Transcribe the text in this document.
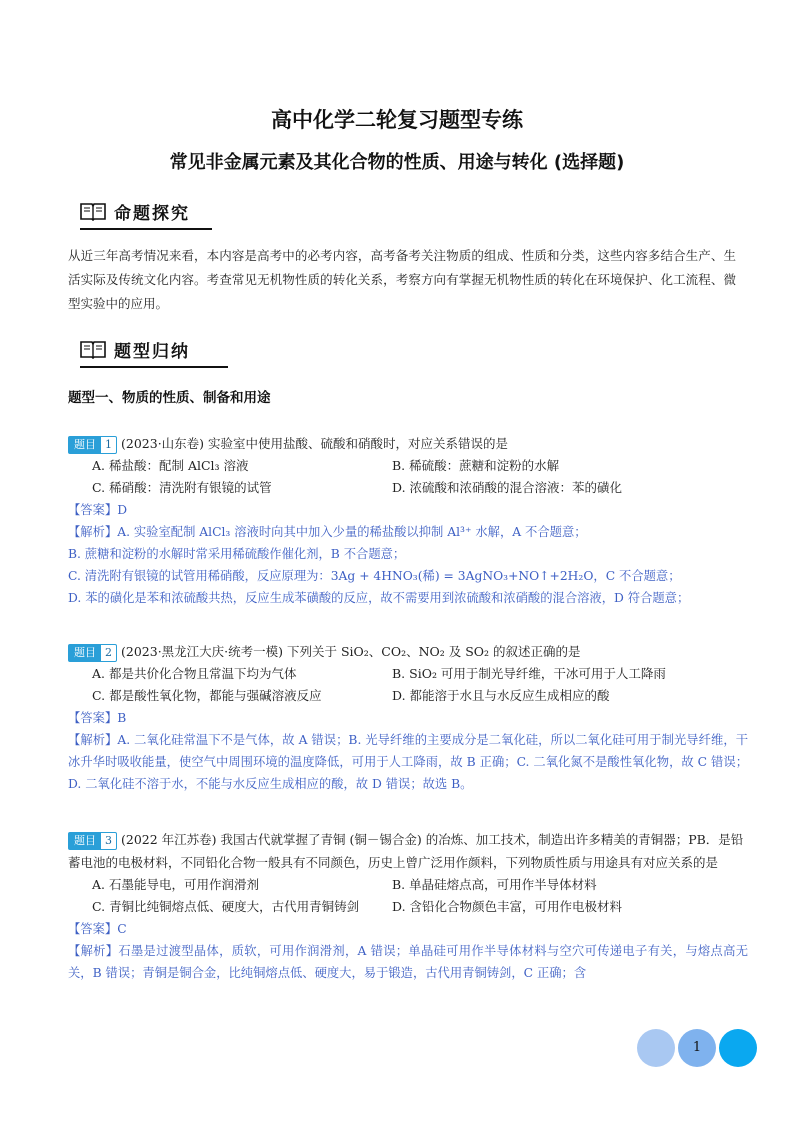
高中化学二轮复习题型专练
常见非金属元素及其化合物的性质、用途与转化 (选择题)
命题探究
从近三年高考情况来看，本内容是高考中的必考内容，高考备考关注物质的组成、性质和分类，这些内容多结合生产、生活实际及传统文化内容。考查常见无机物性质的转化关系，考察方向有掌握无机物性质的转化在环境保护、化工流程、微型实验中的应用。
题型归纳
题型一、物质的性质、制备和用途
题目 1 (2023·山东卷) 实验室中使用盐酸、硫酸和硝酸时，对应关系错误的是
A. 稀盐酸：配制 AlCl₃ 溶液	B. 稀硫酸：蔗糖和淀粉的水解
C. 稀硝酸：清洗附有银镜的试管	D. 浓硫酸和浓硝酸的混合溶液：苯的磺化
【答案】D

【解析】A. 实验室配制 AlCl₃ 溶液时向其中加入少量的稀盐酸以抑制 Al³⁺ 水解，A 不合题意；

B. 蔗糖和淀粉的水解时常采用稀硫酸作催化剂，B 不合题意；

C. 清洗附有银镜的试管用稀硝酸，反应原理为：3Ag + 4HNO₃(稀) = 3AgNO₃+NO↑+2H₂O，C 不合题意；

D. 苯的磺化是苯和浓硫酸共热，反应生成苯磺酸的反应，故不需要用到浓硫酸和浓硝酸的混合溶液，D 符合题意；

题目 2 (2023·黑龙江大庆·统考一模) 下列关于 SiO₂、CO₂、NO₂ 及 SO₂ 的叙述正确的是
A. 都是共价化合物且常温下均为气体	B. SiO₂ 可用于制光导纤维，干冰可用于人工降雨
C. 都是酸性氧化物，都能与强碱溶液反应	D. 都能溶于水且与水反应生成相应的酸
【答案】B

【解析】A. 二氧化硅常温下不是气体，故 A 错误；B. 光导纤维的主要成分是二氧化硅，所以二氧化硅可用于制光导纤维，干冰升华时吸收能量，使空气中周围环境的温度降低，可用于人工降雨，故 B 正确；C. 二氧化氮不是酸性氧化物，故 C 错误；D. 二氧化硅不溶于水，不能与水反应生成相应的酸，故 D 错误；故选 B。

题目 3 (2022 年江苏卷) 我国古代就掌握了青铜 (铜－锡合金) 的冶炼、加工技术，制造出许多精美的青铜器；PB．是铅蓄电池的电极材料，不同铅化合物一般具有不同颜色，历史上曾广泛用作颜料，下列物质性质与用途具有对应关系的是
A. 石墨能导电，可用作润滑剂	B. 单晶硅熔点高，可用作半导体材料
C. 青铜比纯铜熔点低、硬度大，古代用青铜铸剑	D. 含铅化合物颜色丰富，可用作电极材料
【答案】C

【解析】石墨是过渡型晶体，质软，可用作润滑剂，A 错误；单晶硅可用作半导体材料与空穴可传递电子有关，与熔点高无关，B 错误；青铜是铜合金，比纯铜熔点低、硬度大，易于锻造，古代用青铜铸剑，C 正确；含

1
